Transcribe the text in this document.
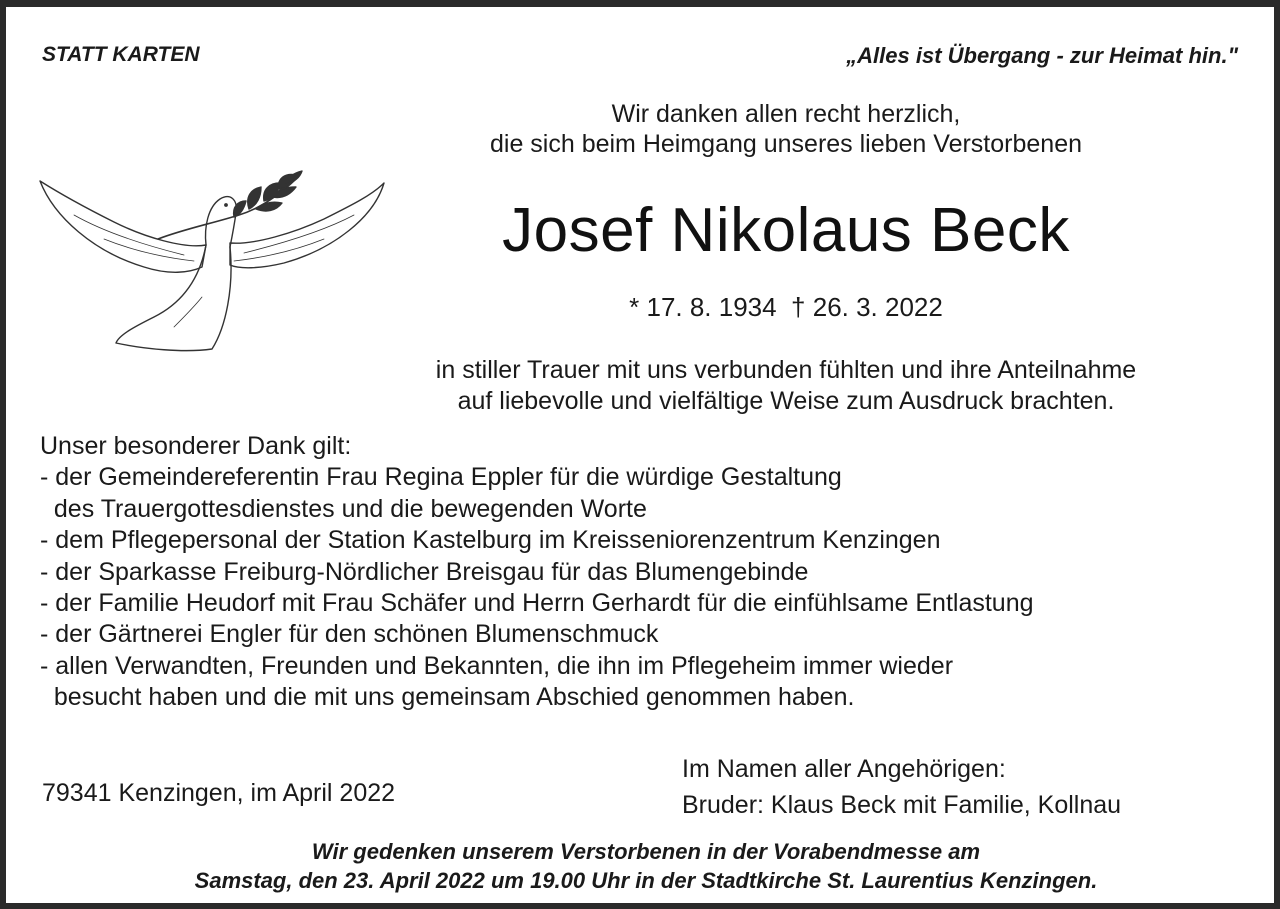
STATT KARTEN	„Alles ist Übergang - zur Heimat hin."
Wir danken allen recht herzlich,
die sich beim Heimgang unseres lieben Verstorbenen
Josef Nikolaus Beck
* 17. 8. 1934  † 26. 3. 2022
in stiller Trauer mit uns verbunden fühlten und ihre Anteilnahme
auf liebevolle und vielfältige Weise zum Ausdruck brachten.
Unser besonderer Dank gilt:
- der Gemeindereferentin Frau Regina Eppler für die würdige Gestaltung
des Trauergottesdienstes und die bewegenden Worte
- dem Pflegepersonal der Station Kastelburg im Kreisseniorenzentrum Kenzingen
- der Sparkasse Freiburg-Nördlicher Breisgau für das Blumengebinde
- der Familie Heudorf mit Frau Schäfer und Herrn Gerhardt für die einfühlsame Entlastung
- der Gärtnerei Engler für den schönen Blumenschmuck
- allen Verwandten, Freunden und Bekannten, die ihn im Pflegeheim immer wieder
besucht haben und die mit uns gemeinsam Abschied genommen haben.
79341 Kenzingen, im April 2022
Im Namen aller Angehörigen:
Bruder: Klaus Beck mit Familie, Kollnau
Wir gedenken unserem Verstorbenen in der Vorabendmesse am
Samstag, den 23. April 2022 um 19.00 Uhr in der Stadtkirche St. Laurentius Kenzingen.
